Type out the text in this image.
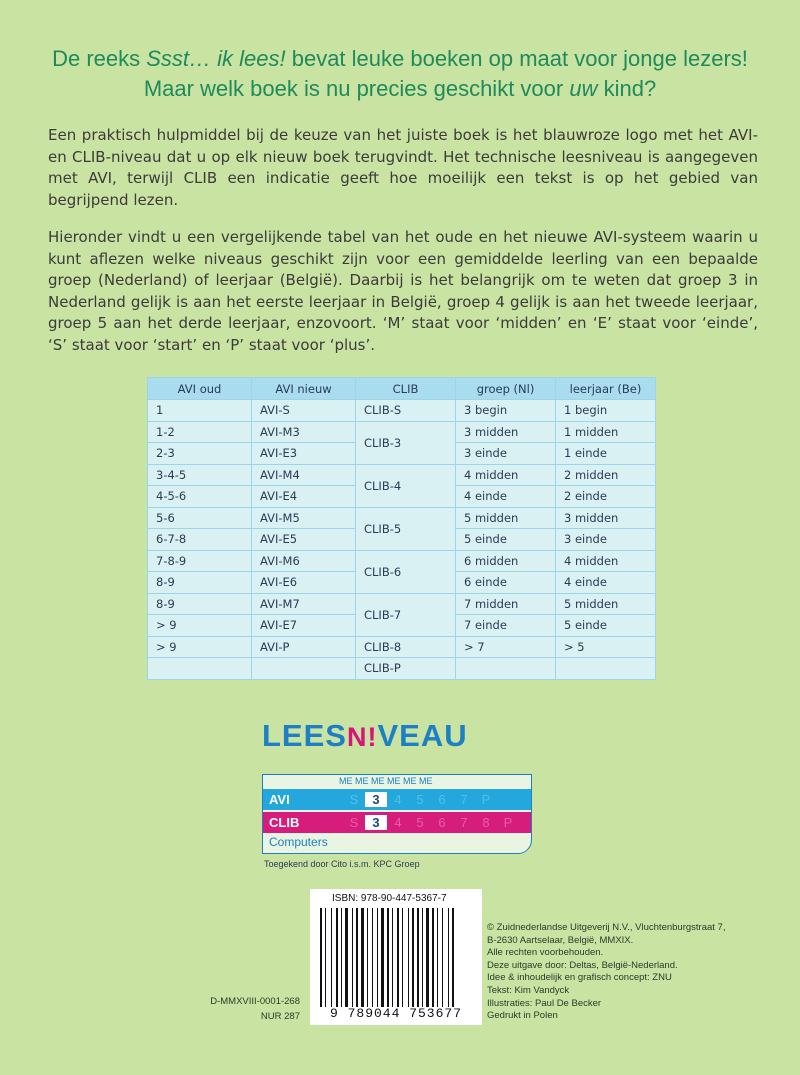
De reeks Ssst… ik lees! bevat leuke boeken op maat voor jonge lezers!
Maar welk boek is nu precies geschikt voor uw kind?
Een praktisch hulpmiddel bij de keuze van het juiste boek is het blauwroze logo met het AVI- en CLIB-niveau dat u op elk nieuw boek terugvindt. Het technische leesniveau is aangegeven met AVI, terwijl CLIB een indicatie geeft hoe moeilijk een tekst is op het gebied van begrijpend lezen.
Hieronder vindt u een vergelijkende tabel van het oude en het nieuwe AVI-systeem waarin u kunt aflezen welke niveaus geschikt zijn voor een gemiddelde leerling van een bepaalde groep (Nederland) of leerjaar (België). Daarbij is het belangrijk om te weten dat groep 3 in Nederland gelijk is aan het eerste leerjaar in België, groep 4 gelijk is aan het tweede leerjaar, groep 5 aan het derde leerjaar, enzovoort. ‘M’ staat voor ‘midden’ en ‘E’ staat voor ‘einde’, ‘S’ staat voor ‘start’ en ‘P’ staat voor ‘plus’.
AVI oud	AVI nieuw	CLIB	groep (Nl)	leerjaar (Be)
1	AVI-S	CLIB-S	3 begin	1 begin
1-2	AVI-M3	CLIB-3	3 midden	1 midden
2-3	AVI-E3		3 einde	1 einde
3-4-5	AVI-M4	CLIB-4	4 midden	2 midden
4-5-6	AVI-E4		4 einde	2 einde
5-6	AVI-M5	CLIB-5	5 midden	3 midden
6-7-8	AVI-E5		5 einde	3 einde
7-8-9	AVI-M6	CLIB-6	6 midden	4 midden
8-9	AVI-E6		6 einde	4 einde
8-9	AVI-M7	CLIB-7	7 midden	5 midden
> 9	AVI-E7		7 einde	5 einde
> 9	AVI-P	CLIB-8	> 7	> 5
		CLIB-P		
LEESN!VEAU
ME ME ME ME ME ME
AVI	S	3	4	5	6	7	P
CLIB	S	3	4	5	6	7	8	P
Computers
Toegekend door Cito i.s.m. KPC Groep
ISBN: 978-90-447-5367-7
9 789044 753677
D-MMXVIII-0001-268
NUR 287
© Zuidnederlandse Uitgeverij N.V., Vluchtenburgstraat 7,
B-2630 Aartselaar, België, MMXIX.
Alle rechten voorbehouden.
Deze uitgave door: Deltas, België-Nederland.
Idee & inhoudelijk en grafisch concept: ZNU
Tekst: Kim Vandyck
Illustraties: Paul De Becker
Gedrukt in Polen
